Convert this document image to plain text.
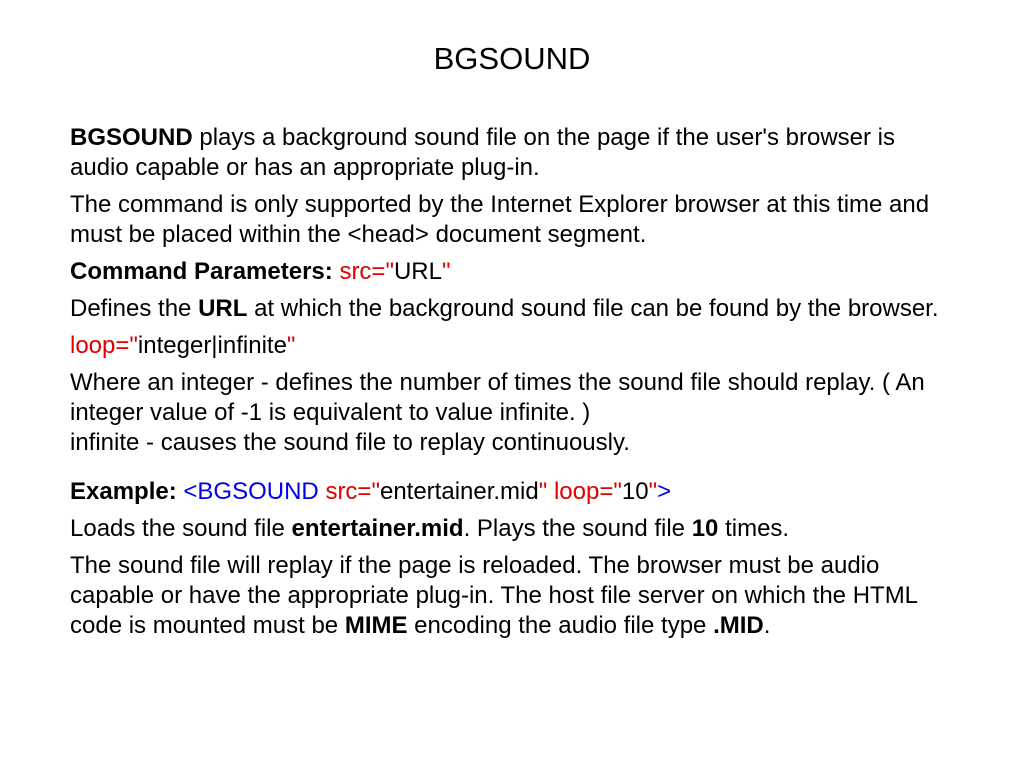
BGSOUND

BGSOUND plays a background sound file on the page if the user's browser is audio capable or has an appropriate plug-in.

The command is only supported by the Internet Explorer browser at this time and must be placed within the <head> document segment.

Command Parameters: src="URL"

Defines the URL at which the background sound file can be found by the browser.

loop="integer|infinite"

Where an integer - defines the number of times the sound file should replay. ( An integer value of -1 is equivalent to value infinite. )
infinite - causes the sound file to replay continuously.

Example: <BGSOUND src="entertainer.mid" loop="10">

Loads the sound file entertainer.mid. Plays the sound file 10 times.

The sound file will replay if the page is reloaded. The browser must be audio capable or have the appropriate plug-in. The host file server on which the HTML code is mounted must be MIME encoding the audio file type .MID.
